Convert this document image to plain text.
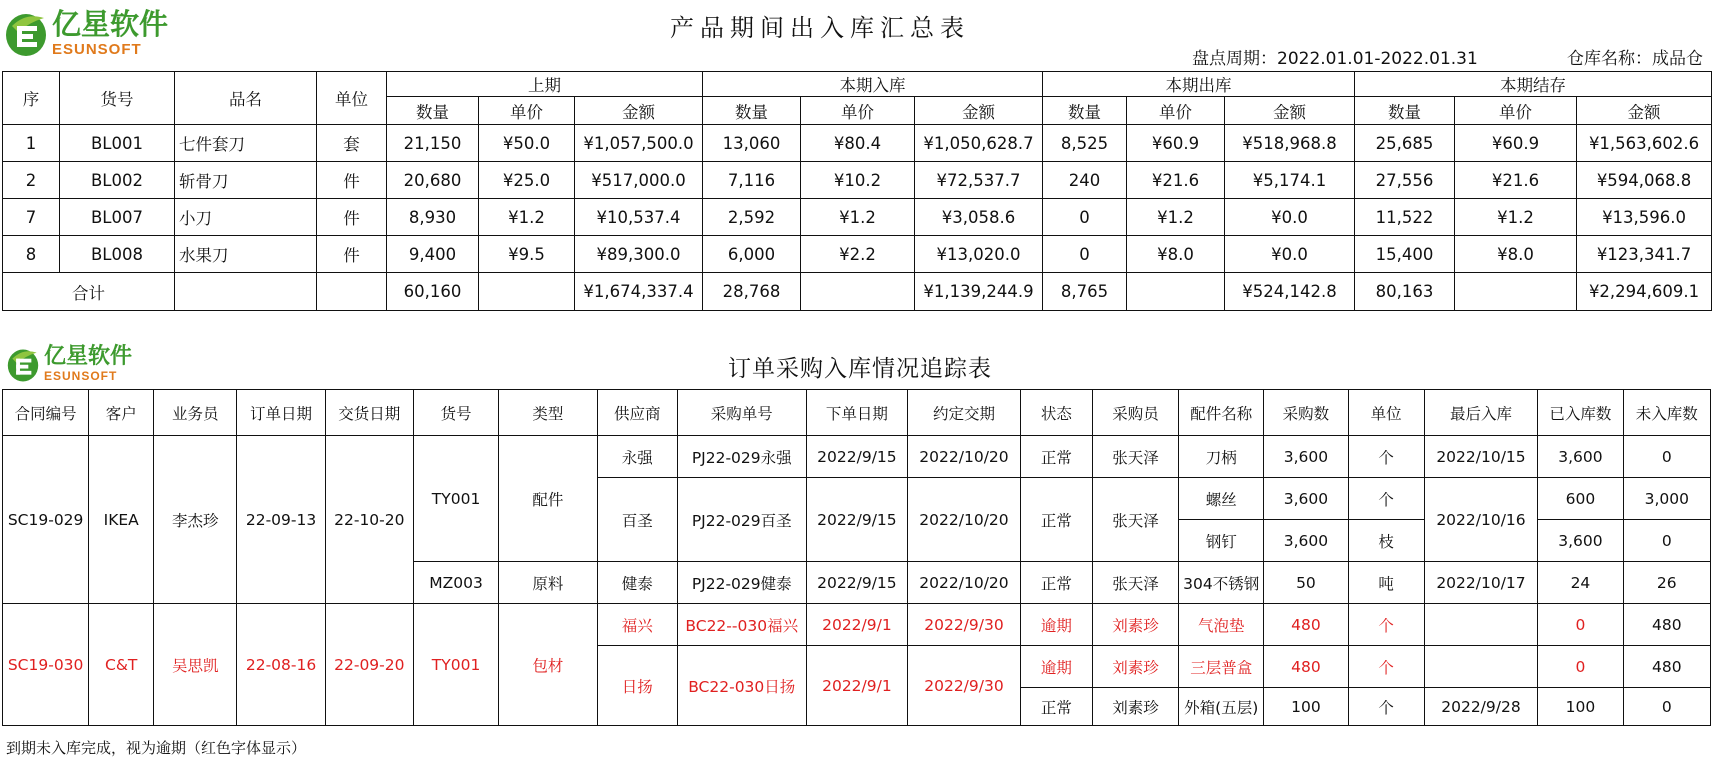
亿星软件
ESUNSOFT
产品期间出入库汇总表
盘点周期：2022.01.01-2022.01.31	仓库名称：成品仓
序	货号	品名	单位	上期			本期入库			本期出库			本期结存		
				数量	单价	金额	数量	单价	金额	数量	单价	金额	数量	单价	金额
1	BL001	七件套刀	套	21,150	¥50.0	¥1,057,500.0	13,060	¥80.4	¥1,050,628.7	8,525	¥60.9	¥518,968.8	25,685	¥60.9	¥1,563,602.6
2	BL002	斩骨刀	件	20,680	¥25.0	¥517,000.0	7,116	¥10.2	¥72,537.7	240	¥21.6	¥5,174.1	27,556	¥21.6	¥594,068.8
7	BL007	小刀	件	8,930	¥1.2	¥10,537.4	2,592	¥1.2	¥3,058.6	0	¥1.2	¥0.0	11,522	¥1.2	¥13,596.0
8	BL008	水果刀	件	9,400	¥9.5	¥89,300.0	6,000	¥2.2	¥13,020.0	0	¥8.0	¥0.0	15,400	¥8.0	¥123,341.7
合计				60,160		¥1,674,337.4	28,768		¥1,139,244.9	8,765		¥524,142.8	80,163		¥2,294,609.1
亿星软件
ESUNSOFT	订单采购入库情况追踪表
合同编号	客户	业务员	订单日期	交货日期	货号	类型	供应商	采购单号	下单日期	约定交期	状态	采购员	配件名称	采购数	单位	最后入库	已入库数	未入库数
SC19-029	IKEA	李杰珍	22-09-13	22-10-20	TY001	配件	永强	PJ22-029永强	2022/9/15	2022/10/20	正常	张天泽	刀柄	3,600	个	2022/10/15	3,600	0
							百圣	PJ22-029百圣	2022/9/15	2022/10/20	正常	张天泽	螺丝	3,600	个	2022/10/16	600	3,000
													钢钉	3,600	枝		3,600	0
					MZ003	原料	健泰	PJ22-029健泰	2022/9/15	2022/10/20	正常	张天泽	304不锈钢	50	吨	2022/10/17	24	26
SC19-030	C&T	吴思凯	22-08-16	22-09-20	TY001	包材	福兴	BC22--030福兴	2022/9/1	2022/9/30	逾期	刘素珍	气泡垫	480	个		0	480
							日扬	BC22-030日扬	2022/9/1	2022/9/30	逾期	刘素珍	三层普盒	480	个		0	480
											正常	刘素珍	外箱(五层)	100	个	2022/9/28	100	0
到期未入库完成，视为逾期（红色字体显示）
